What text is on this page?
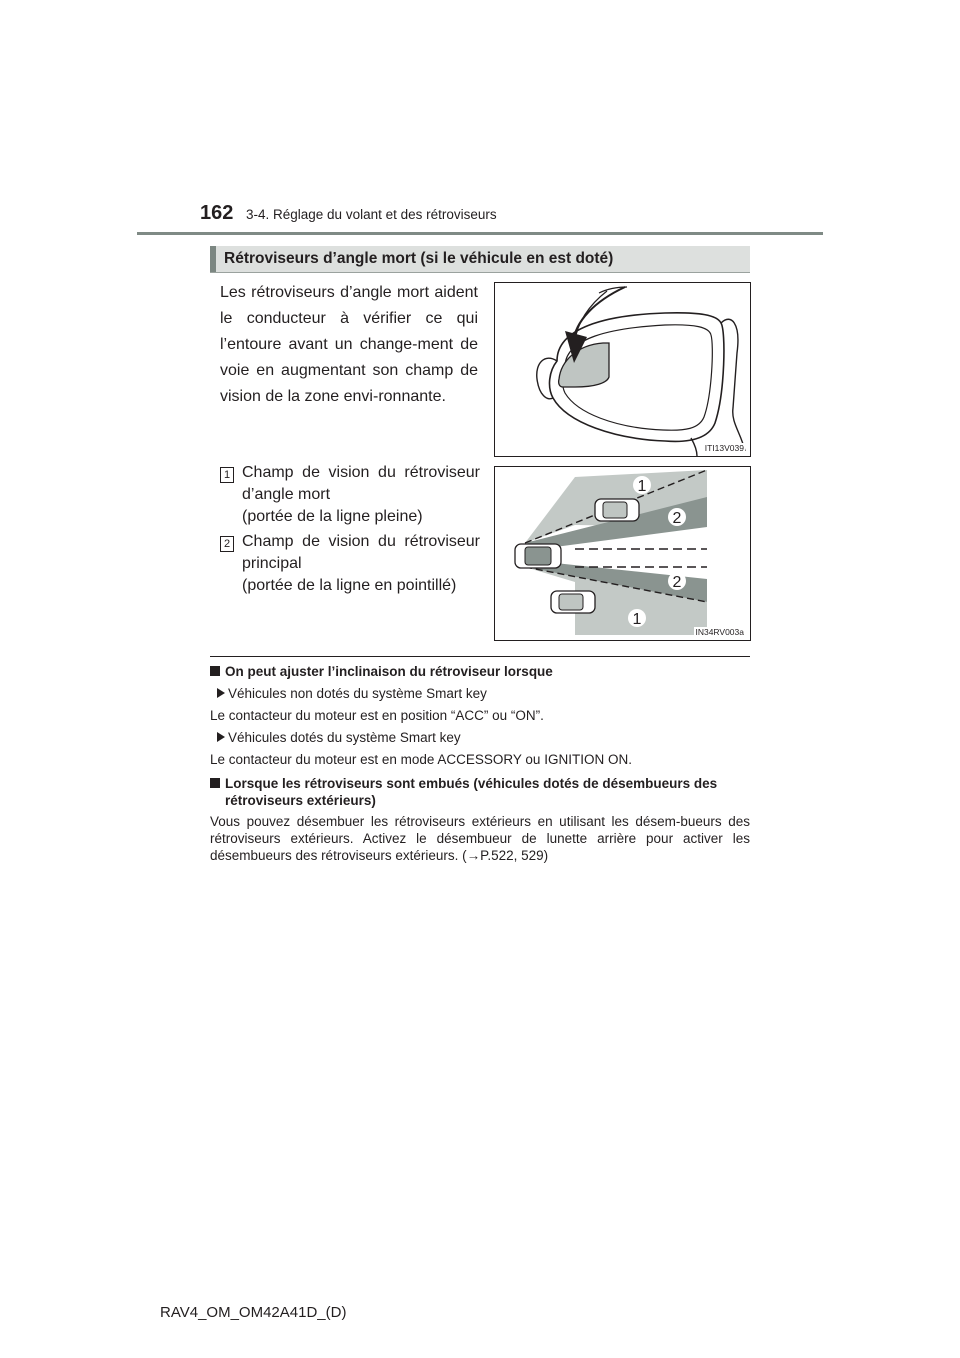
162 3-4. Réglage du volant et des rétroviseurs
Rétroviseurs d’angle mort (si le véhicule en est doté)
Les rétroviseurs d’angle mort aident le conducteur à vérifier ce qui l’entoure avant un change-ment de voie en augmentant son champ de vision de la zone envi-ronnante.
ITI13V039
1
2
2
1
IN34RV003a
1 Champ de vision du rétroviseur d’angle mort
(portée de la ligne pleine)
2 Champ de vision du rétroviseur principal
(portée de la ligne en pointillé)
On peut ajuster l’inclinaison du rétroviseur lorsque
Véhicules non dotés du système Smart key
Le contacteur du moteur est en position “ACC” ou “ON”.
Véhicules dotés du système Smart key
Le contacteur du moteur est en mode ACCESSORY ou IGNITION ON.
Lorsque les rétroviseurs sont embués (véhicules dotés de désembueurs des rétroviseurs extérieurs)
Vous pouvez désembuer les rétroviseurs extérieurs en utilisant les désem-bueurs des rétroviseurs extérieurs. Activez le désembueur de lunette arrière pour activer les désembueurs des rétroviseurs extérieurs. (→P.522, 529)
RAV4_OM_OM42A41D_(D)
